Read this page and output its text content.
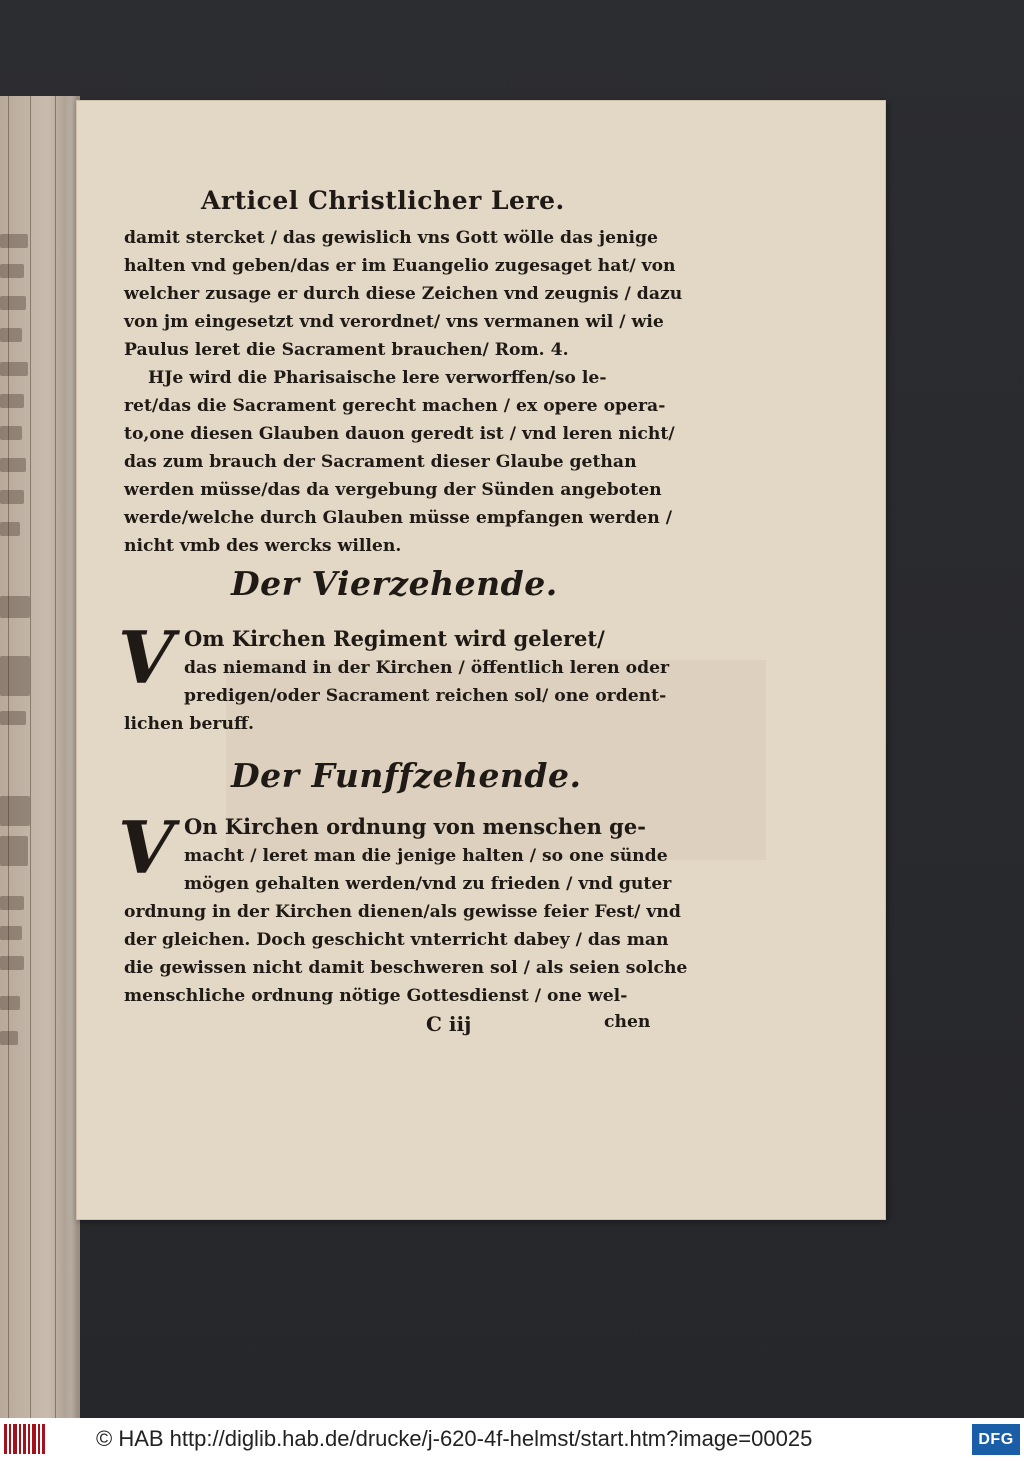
Articel Christlicher Lere.
damit stercket / das gewislich vns Gott wölle das jenige
halten vnd geben/das er im Euangelio zugesaget hat/ von
welcher zusage er durch diese Zeichen vnd zeugnis / dazu
von jm eingesetzt vnd verordnet/ vns vermanen wil / wie
Paulus leret die Sacrament brauchen/ Rom. 4.
HJe wird die Pharisaische lere verworffen/so le-
ret/das die Sacrament gerecht machen / ex opere opera-
to,one diesen Glauben dauon geredt ist / vnd leren nicht/
das zum brauch der Sacrament dieser Glaube gethan
werden müsse/das da vergebung der Sünden angeboten
werde/welche durch Glauben müsse empfangen werden /
nicht vmb des wercks willen.
Der Vierzehende.
V Om Kirchen Regiment wird geleret/
das niemand in der Kirchen / öffentlich leren oder
predigen/oder Sacrament reichen sol/ one ordent-
lichen beruff.
Der Funffzehende.
V On Kirchen ordnung von menschen ge-
macht / leret man die jenige halten / so one sünde
mögen gehalten werden/vnd zu frieden / vnd guter
ordnung in der Kirchen dienen/als gewisse feier Fest/ vnd
der gleichen. Doch geschicht vnterricht dabey / das man
die gewissen nicht damit beschweren sol / als seien solche
menschliche ordnung nötige Gottesdienst / one wel-
C iij	chen
© HAB http://diglib.hab.de/drucke/j-620-4f-helmst/start.htm?image=00025	DFG
